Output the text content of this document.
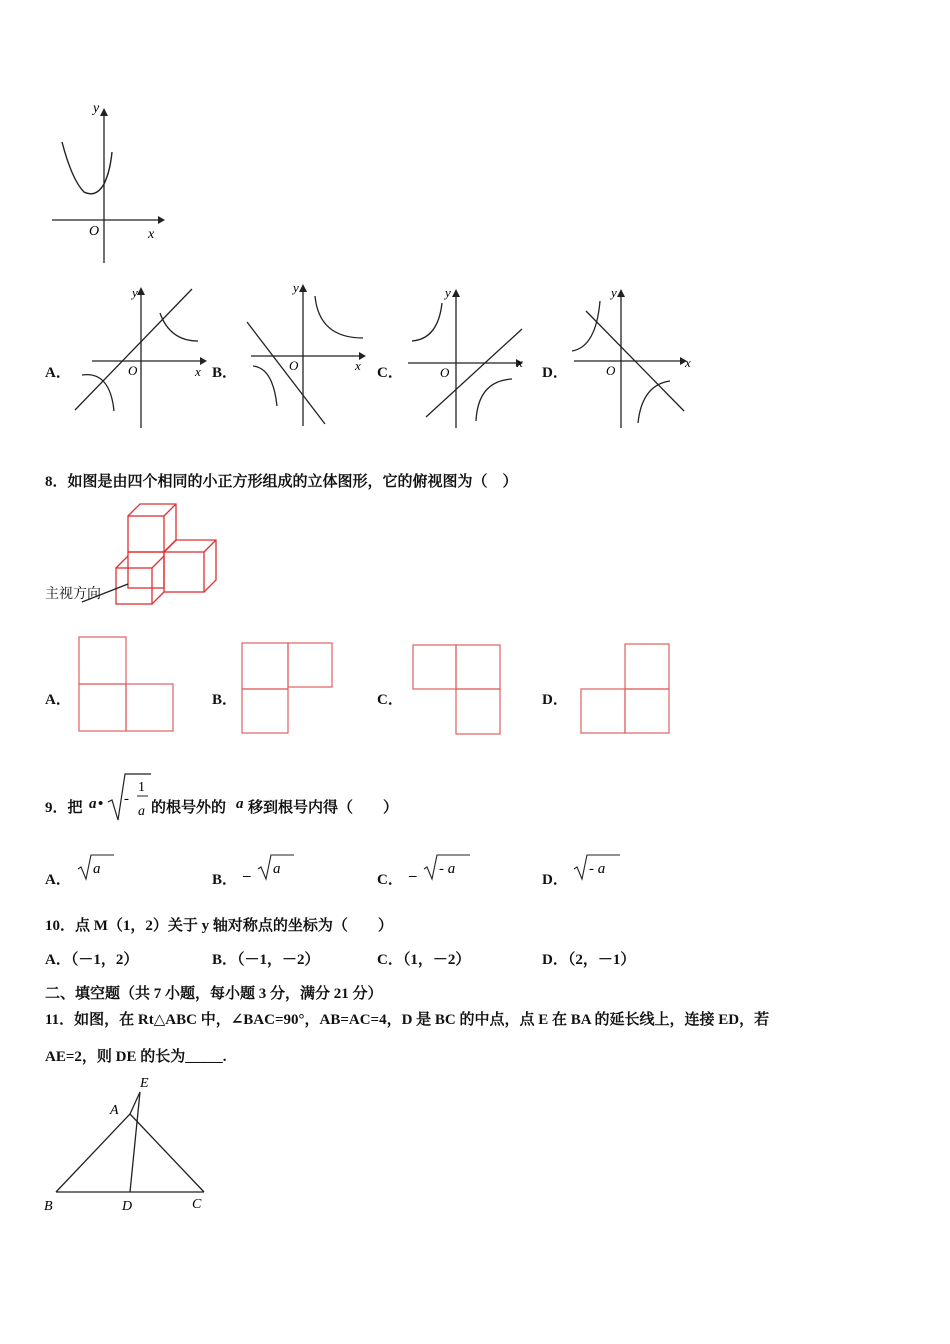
y
x
O
A．
y
x
O	B．
y
x
O	C．
y
x
O	D．
y
x
O
8．如图是由四个相同的小正方形组成的立体图形，它的俯视图为（　）
主视方向
A．	B．	C．	D．
9．把 a • -
1
a 的根号外的 a 移到根号内得（　　）
A．
a
B． – a
C． – - a
D．
- a
10．点 M（1，2）关于 y 轴对称点的坐标为（　　）
A．（－1，2）	B．（－1，－2）	C．（1，－2）	D．（2，－1）
二、填空题（共 7 小题，每小题 3 分，满分 21 分）
11．如图，在 Rt△ABC 中，∠BAC=90°，AB=AC=4，D 是 BC 的中点，点 E 在 BA 的延长线上，连接 ED，若
AE=2，则 DE 的长为_____.
E
A
B	D	C
